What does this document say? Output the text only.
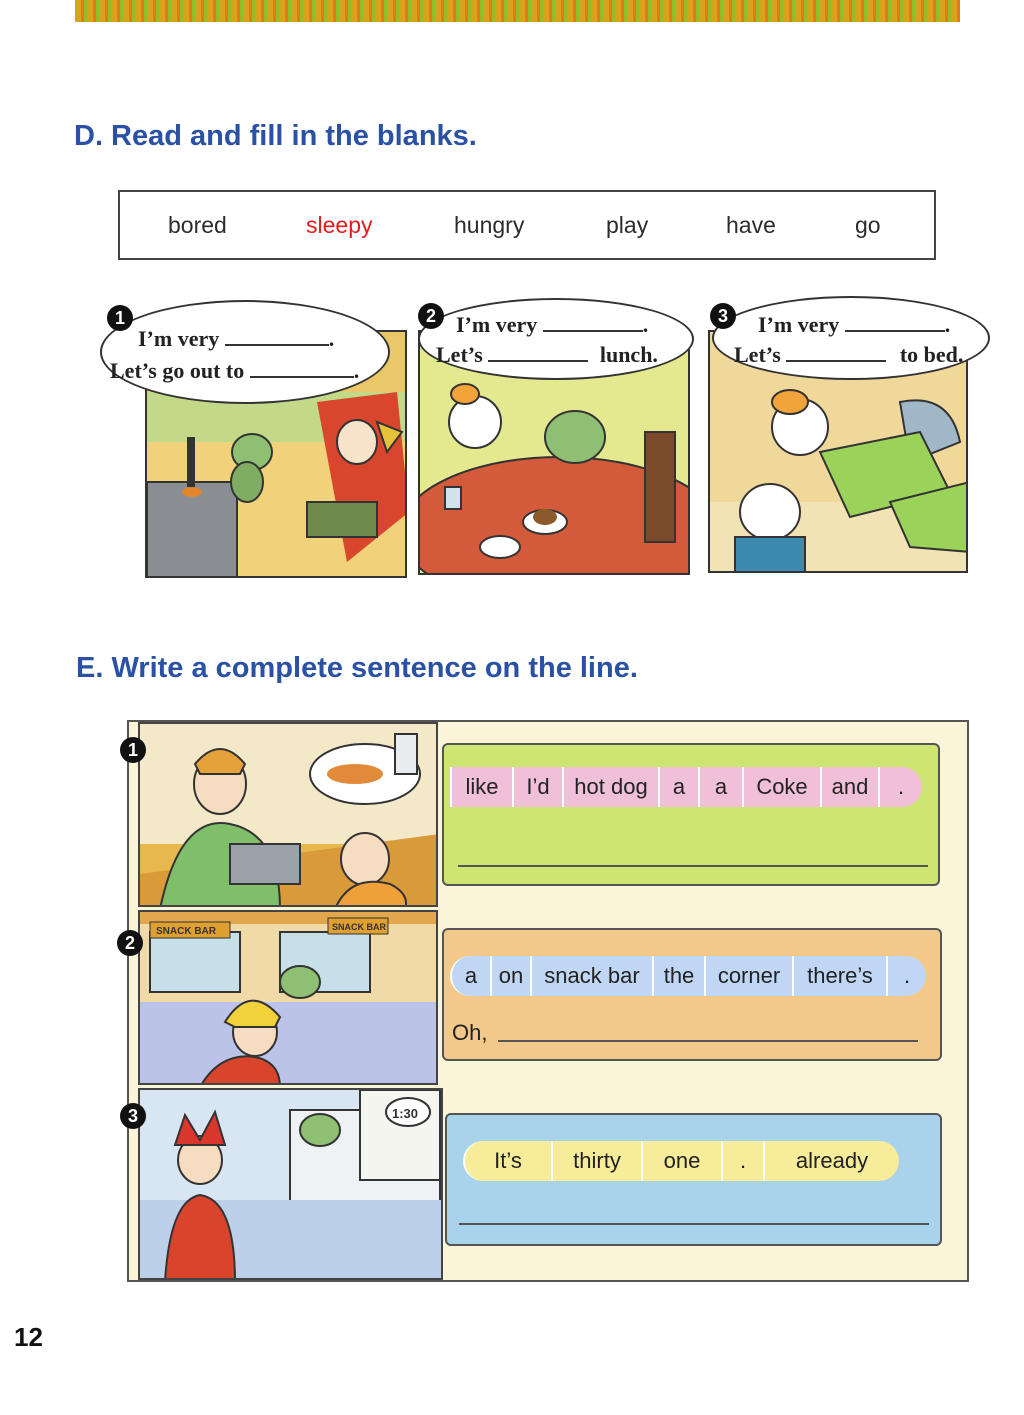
D. Read and fill in the blanks.
bored	sleepy	hungry	play	have	go
1
I’m very	.
Let’s go out to	.
2 I’m very	.
Let’s	lunch.
3	I’m very	.
Let’s	to bed.
E. Write a complete sentence on the line.
1
like	I’d	hot dog	a	a	Coke	and	.
2
SNACK BAR	SNACK BAR
a on snack bar	the	corner	there’s	.
Oh,
3	1:30
It’s	thirty	one	.	already
12
